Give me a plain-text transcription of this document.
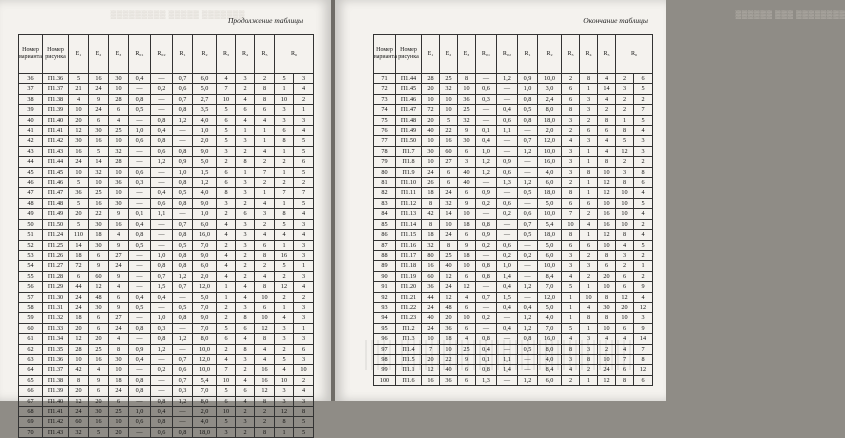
▒▒▒▒▒▒▒ ▒▒▒▒▒ ▒▒▒▒▒▒▒▒▒
Продолжение таблицы
Номер варианта	Номер рисунка	E₁	E₂	E₃	R₀₁	R₀₂	R₁	R₂	R₃	R₄	R₅	R₆	
36	П1.36	5	16	30	0,4	—	0,7	6,0	4	3	2	5	3
37	П1.37	21	24	10	—	0,2	0,6	5,0	7	2	8	1	4
38	П1.38	4	9	28	0,8	—	0,7	2,7	10	4	8	10	2
39	П1.39	10	24	6	0,5	—	0,8	3,5	5	6	6	3	1
40	П1.40	20	6	4	—	0,8	1,2	4,0	6	4	4	3	3
41	П1.41	12	30	25	1,0	0,4	—	1,0	5	1	1	6	4
42	П1.42	30	16	10	0,6	0,8	—	2,0	5	3	1	8	5
43	П1.43	16	5	32	—	0,6	0,8	9,0	3	2	4	1	5
44	П1.44	24	14	28	—	1,2	0,9	5,0	2	8	2	2	6
45	П1.45	10	32	10	0,6	—	1,0	1,5	6	1	7	1	5
46	П1.46	5	10	36	0,3	—	0,8	1,2	6	3	2	2	2
47	П1.47	36	25	10	—	0,4	0,5	4,0	8	3	1	7	7
48	П1.48	5	16	30	—	0,6	0,8	9,0	3	2	4	1	5
49	П1.49	20	22	9	0,1	1,1	—	1,0	2	6	3	8	4
50	П1.50	5	30	16	0,4	—	0,7	6,0	4	3	2	5	3
51	П1.24	110	18	4	0,8	—	0,8	16,0	4	3	4	4	4
52	П1.25	14	30	9	0,5	—	0,5	7,0	2	3	6	1	3
53	П1.26	18	6	27	—	1,0	0,8	9,0	4	2	8	16	3
54	П1.27	72	9	24	—	0,8	0,8	6,0	4	2	2	5	1
55	П1.28	6	60	9	—	0,7	1,2	2,0	4	2	4	2	3
56	П1.29	44	12	4	—	1,5	0,7	12,0	1	4	8	12	4
57	П1.30	24	48	6	0,4	0,4	—	5,0	1	4	10	2	2
58	П1.31	24	30	9	0,5	—	0,5	7,0	2	3	6	1	3
59	П1.32	18	6	27	—	1,0	0,8	9,0	2	8	10	4	3
60	П1.33	20	6	24	0,8	0,3	—	7,0	5	6	12	3	1
61	П1.34	12	20	4	—	0,8	1,2	8,0	6	4	8	3	3
62	П1.35	28	25	8	0,9	1,2	—	10,0	2	8	4	2	6
63	П1.36	10	16	30	0,4	—	0,7	12,0	4	3	4	5	3
64	П1.37	42	4	10	—	0,2	0,6	10,0	7	2	16	4	10
65	П1.38	8	9	18	0,8	—	0,7	5,4	10	4	16	10	2
66	П1.39	20	6	24	0,8	—	0,3	7,0	5	6	12	3	4
67	П1.40	12	20	6	—	0,8	1,2	8,0	6	4	8	3	3
68	П1.41	24	30	25	1,0	0,4	—	2,0	10	2	2	12	8
69	П1.42	60	16	10	0,6	0,8	—	4,0	5	3	2	8	5
70	П1.43	32	5	20	—	0,6	0,8	18,0	3	2	8	1	5
▒▒▒▒▒▒▒▒ ▒▒▒ ▒▒▒▒▒▒
Окончание таблицы
Номер варианта	Номер рисунка	E₁	E₂	E₃	R₀₁	R₀₂	R₁	R₂	R₃	R₄	R₅	R₆	
71	П1.44	28	25	8	—	1,2	0,9	10,0	2	8	4	2	6
72	П1.45	20	32	10	0,6	—	1,0	3,0	6	1	14	3	5
73	П1.46	10	10	36	0,3	—	0,8	2,4	6	3	4	2	2
74	П1.47	72	10	25	—	0,4	0,5	8,0	8	3	2	2	7
75	П1.48	20	5	32	—	0,6	0,8	18,0	3	2	8	1	5
76	П1.49	40	22	9	0,1	1,1	—	2,0	2	6	6	8	4
77	П1.50	10	16	30	0,4	—	0,7	12,0	4	3	4	5	3
78	П1.7	30	60	6	1,0	—	1,2	10,0	3	1	4	12	3
79	П1.8	10	27	3	1,2	0,9	—	16,0	3	1	8	2	2
80	П1.9	24	6	40	1,2	0,6	—	4,0	3	8	10	3	8
81	П1.10	26	6	40	—	1,3	1,2	6,0	2	1	12	8	6
82	П1.11	18	24	6	0,9	—	0,5	18,0	8	1	12	10	4
83	П1.12	8	32	9	0,2	0,6	—	5,0	6	6	10	10	5
84	П1.13	42	14	10	—	0,2	0,6	10,0	7	2	16	10	4
85	П1.14	8	10	18	0,8	—	0,7	5,4	10	4	16	10	2
86	П1.15	18	24	6	0,9	—	0,5	18,0	8	1	12	8	4
87	П1.16	32	8	9	0,2	0,6	—	5,0	6	6	10	4	5
88	П1.17	80	25	18	—	0,2	0,2	6,0	3	2	8	3	2
89	П1.18	16	40	10	0,8	1,0	—	10,0	3	3	6	2	1
90	П1.19	60	12	6	0,8	1,4	—	8,4	4	2	20	6	2
91	П1.20	36	24	12	—	0,4	1,2	7,0	5	1	10	6	9
92	П1.21	44	12	4	0,7	1,5	—	12,0	1	10	8	12	4
93	П1.22	24	48	6	—	0,4	0,4	5,0	1	4	30	20	12
94	П1.23	40	20	10	0,2	—	1,2	4,0	1	8	8	10	3
95	П1.2	24	36	6	—	0,4	1,2	7,0	5	1	10	6	9
96	П1.3	10	18	4	0,8	—	0,8	16,0	4	3	4	4	14
97	П1.4	7	10	25	0,4	—	0,5	8,0	8	3	2	4	7
98	П1.5	20	22	9	0,1	1,1	—	4,0	3	8	10	7	8
99	П1.1	12	40	6	0,8	1,4	—	8,4	4	2	24	6	12
100	П1.6	16	36	6	1,3	—	1,2	6,0	2	1	12	8	6
